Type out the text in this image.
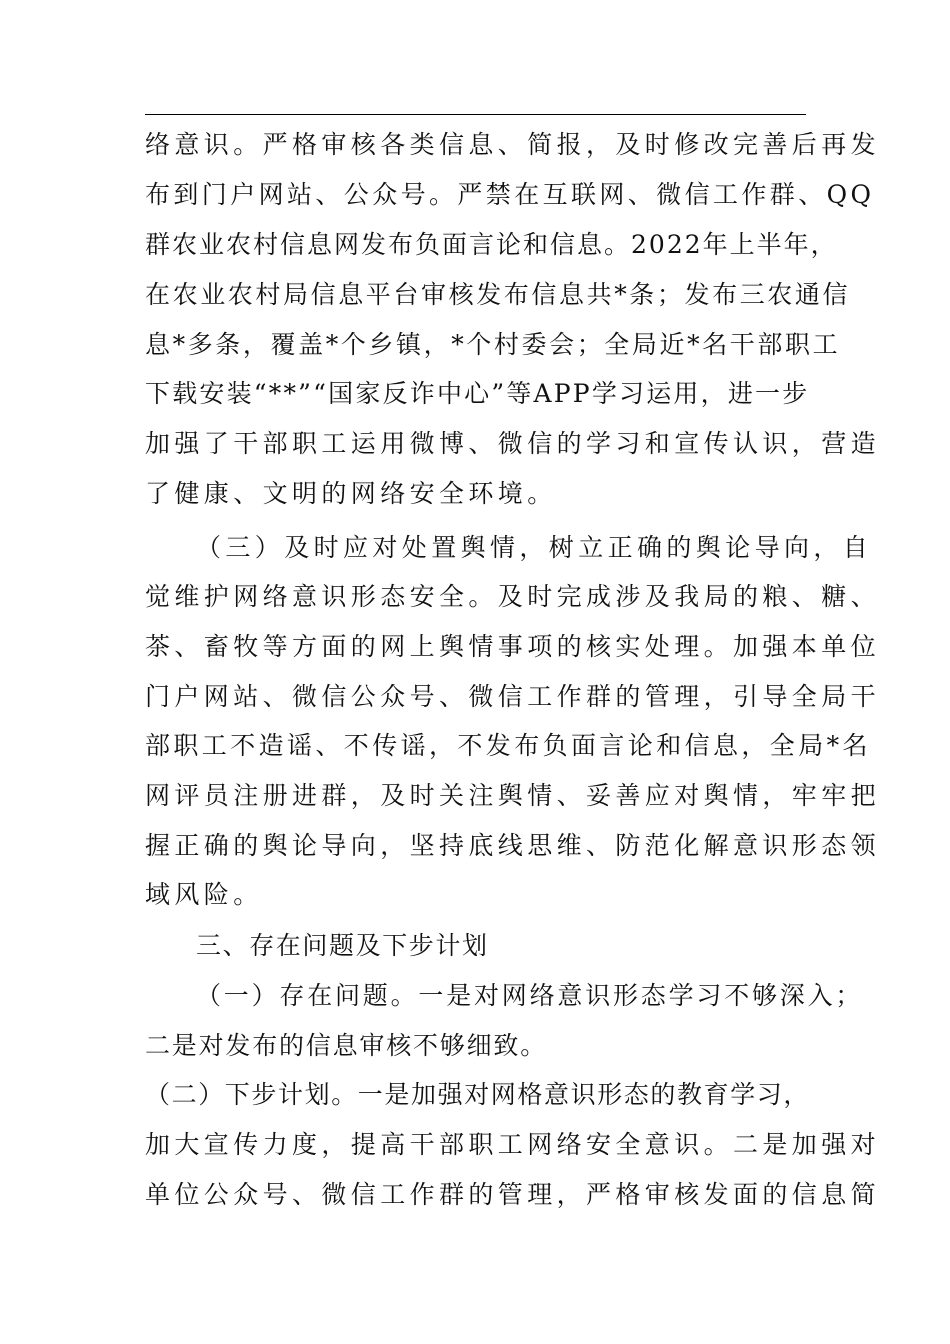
络意识。严格审核各类信息、简报，及时修改完善后再发
布到门户网站、公众号。严禁在互联网、微信工作群、QQ
群农业农村信息网发布负面言论和信息。2022年上半年，
在农业农村局信息平台审核发布信息共*条；发布三农通信
息*多条，覆盖*个乡镇，*个村委会；全局近*名干部职工
下载安装“**”“国家反诈中心”等APP学习运用，进一步
加强了干部职工运用微博、微信的学习和宣传认识，营造
了健康、文明的网络安全环境。
（三）及时应对处置舆情，树立正确的舆论导向，自
觉维护网络意识形态安全。及时完成涉及我局的粮、糖、
茶、畜牧等方面的网上舆情事项的核实处理。加强本单位
门户网站、微信公众号、微信工作群的管理，引导全局干
部职工不造谣、不传谣，不发布负面言论和信息，全局*名
网评员注册进群，及时关注舆情、妥善应对舆情，牢牢把
握正确的舆论导向，坚持底线思维、防范化解意识形态领
域风险。
三、存在问题及下步计划
（一）存在问题。一是对网络意识形态学习不够深入；
二是对发布的信息审核不够细致。
（二）下步计划。一是加强对网格意识形态的教育学习，
加大宣传力度，提高干部职工网络安全意识。二是加强对
单位公众号、微信工作群的管理，严格审核发面的信息简
